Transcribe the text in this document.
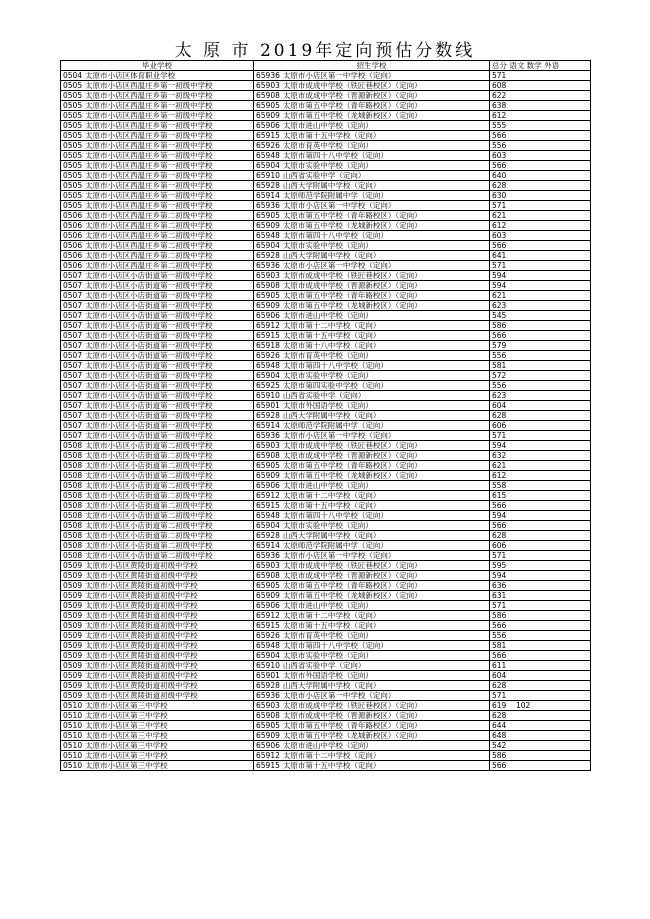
太 原 市 2019年定向预估分数线
毕业学校	招生学校	总分 语文 数学 外语
0504 太原市小店区体育职业学校	65936 太原市小店区第一中学校（定向）	571
0505 太原市小店区西温庄乡第一初级中学校	65903 太原市成成中学校（铁匠巷校区）（定向）	608
0505 太原市小店区西温庄乡第一初级中学校	65908 太原市成成中学校（晋源新校区）（定向）	622
0505 太原市小店区西温庄乡第一初级中学校	65905 太原市第五中学校（青年路校区）（定向）	638
0505 太原市小店区西温庄乡第一初级中学校	65909 太原市第五中学校（龙城新校区）（定向）	612
0505 太原市小店区西温庄乡第一初级中学校	65906 太原市进山中学校（定向）	555
0505 太原市小店区西温庄乡第一初级中学校	65915 太原市第十五中学校（定向）	566
0505 太原市小店区西温庄乡第一初级中学校	65926 太原市育英中学校（定向）	556
0505 太原市小店区西温庄乡第一初级中学校	65948 太原市第四十八中学校（定向）	603
0505 太原市小店区西温庄乡第一初级中学校	65904 太原市实验中学校（定向）	566
0505 太原市小店区西温庄乡第一初级中学校	65910 山西省实验中学（定向）	640
0505 太原市小店区西温庄乡第一初级中学校	65928 山西大学附属中学校（定向）	628
0505 太原市小店区西温庄乡第一初级中学校	65914 太原师范学院附属中学（定向）	630
0505 太原市小店区西温庄乡第一初级中学校	65936 太原市小店区第一中学校（定向）	571
0506 太原市小店区西温庄乡第二初级中学校	65905 太原市第五中学校（青年路校区）（定向）	621
0506 太原市小店区西温庄乡第二初级中学校	65909 太原市第五中学校（龙城新校区）（定向）	612
0506 太原市小店区西温庄乡第二初级中学校	65948 太原市第四十八中学校（定向）	603
0506 太原市小店区西温庄乡第二初级中学校	65904 太原市实验中学校（定向）	566
0506 太原市小店区西温庄乡第二初级中学校	65928 山西大学附属中学校（定向）	641
0506 太原市小店区西温庄乡第二初级中学校	65936 太原市小店区第一中学校（定向）	571
0507 太原市小店区小店街道第一初级中学校	65903 太原市成成中学校（铁匠巷校区）（定向）	594
0507 太原市小店区小店街道第一初级中学校	65908 太原市成成中学校（晋源新校区）（定向）	594
0507 太原市小店区小店街道第一初级中学校	65905 太原市第五中学校（青年路校区）（定向）	621
0507 太原市小店区小店街道第一初级中学校	65909 太原市第五中学校（龙城新校区）（定向）	623
0507 太原市小店区小店街道第一初级中学校	65906 太原市进山中学校（定向）	545
0507 太原市小店区小店街道第一初级中学校	65912 太原市第十二中学校（定向）	586
0507 太原市小店区小店街道第一初级中学校	65915 太原市第十五中学校（定向）	566
0507 太原市小店区小店街道第一初级中学校	65918 太原市第十八中学校（定向）	579
0507 太原市小店区小店街道第一初级中学校	65926 太原市育英中学校（定向）	556
0507 太原市小店区小店街道第一初级中学校	65948 太原市第四十八中学校（定向）	581
0507 太原市小店区小店街道第一初级中学校	65904 太原市实验中学校（定向）	572
0507 太原市小店区小店街道第一初级中学校	65925 太原市第四实验中学校（定向）	556
0507 太原市小店区小店街道第一初级中学校	65910 山西省实验中学（定向）	623
0507 太原市小店区小店街道第一初级中学校	65901 太原市外国语学校（定向）	604
0507 太原市小店区小店街道第一初级中学校	65928 山西大学附属中学校（定向）	628
0507 太原市小店区小店街道第一初级中学校	65914 太原师范学院附属中学（定向）	606
0507 太原市小店区小店街道第一初级中学校	65936 太原市小店区第一中学校（定向）	571
0508 太原市小店区小店街道第二初级中学校	65903 太原市成成中学校（铁匠巷校区）（定向）	594
0508 太原市小店区小店街道第二初级中学校	65908 太原市成成中学校（晋源新校区）（定向）	632
0508 太原市小店区小店街道第二初级中学校	65905 太原市第五中学校（青年路校区）（定向）	621
0508 太原市小店区小店街道第二初级中学校	65909 太原市第五中学校（龙城新校区）（定向）	612
0508 太原市小店区小店街道第二初级中学校	65906 太原市进山中学校（定向）	558
0508 太原市小店区小店街道第二初级中学校	65912 太原市第十二中学校（定向）	615
0508 太原市小店区小店街道第二初级中学校	65915 太原市第十五中学校（定向）	566
0508 太原市小店区小店街道第二初级中学校	65948 太原市第四十八中学校（定向）	594
0508 太原市小店区小店街道第二初级中学校	65904 太原市实验中学校（定向）	566
0508 太原市小店区小店街道第二初级中学校	65928 山西大学附属中学校（定向）	628
0508 太原市小店区小店街道第二初级中学校	65914 太原师范学院附属中学（定向）	606
0508 太原市小店区小店街道第二初级中学校	65936 太原市小店区第一中学校（定向）	571
0509 太原市小店区黄陵街道初级中学校	65903 太原市成成中学校（铁匠巷校区）（定向）	595
0509 太原市小店区黄陵街道初级中学校	65908 太原市成成中学校（晋源新校区）（定向）	594
0509 太原市小店区黄陵街道初级中学校	65905 太原市第五中学校（青年路校区）（定向）	636
0509 太原市小店区黄陵街道初级中学校	65909 太原市第五中学校（龙城新校区）（定向）	631
0509 太原市小店区黄陵街道初级中学校	65906 太原市进山中学校（定向）	571
0509 太原市小店区黄陵街道初级中学校	65912 太原市第十二中学校（定向）	586
0509 太原市小店区黄陵街道初级中学校	65915 太原市第十五中学校（定向）	566
0509 太原市小店区黄陵街道初级中学校	65926 太原市育英中学校（定向）	556
0509 太原市小店区黄陵街道初级中学校	65948 太原市第四十八中学校（定向）	581
0509 太原市小店区黄陵街道初级中学校	65904 太原市实验中学校（定向）	566
0509 太原市小店区黄陵街道初级中学校	65910 山西省实验中学（定向）	611
0509 太原市小店区黄陵街道初级中学校	65901 太原市外国语学校（定向）	604
0509 太原市小店区黄陵街道初级中学校	65928 山西大学附属中学校（定向）	628
0509 太原市小店区黄陵街道初级中学校	65936 太原市小店区第一中学校（定向）	571
0510 太原市小店区第三中学校	65903 太原市成成中学校（铁匠巷校区）（定向）	619 102
0510 太原市小店区第三中学校	65908 太原市成成中学校（晋源新校区）（定向）	628
0510 太原市小店区第三中学校	65905 太原市第五中学校（青年路校区）（定向）	644
0510 太原市小店区第三中学校	65909 太原市第五中学校（龙城新校区）（定向）	648
0510 太原市小店区第三中学校	65906 太原市进山中学校（定向）	542
0510 太原市小店区第三中学校	65912 太原市第十二中学校（定向）	586
0510 太原市小店区第三中学校	65915 太原市第十五中学校（定向）	566
